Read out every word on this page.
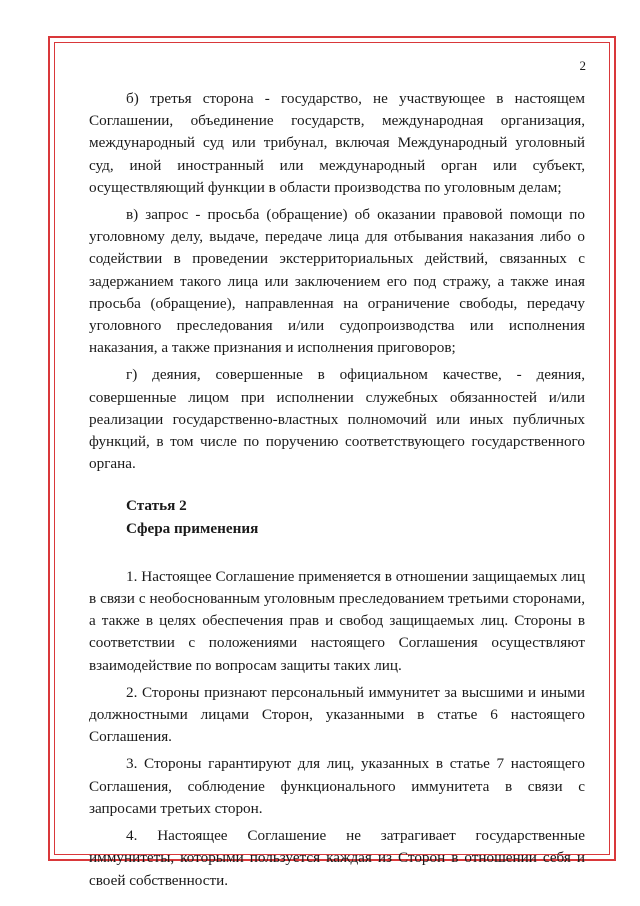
2

б) третья сторона - государство, не участвующее в настоящем Соглашении, объединение государств, международная организация, международный суд или трибунал, включая Международный уголовный суд, иной иностранный или международный орган или субъект, осуществляющий функции в области производства по уголовным делам;

в) запрос - просьба (обращение) об оказании правовой помощи по уголовному делу, выдаче, передаче лица для отбывания наказания либо о содействии в проведении экстерриториальных действий, связанных с задержанием такого лица или заключением его под стражу, а также иная просьба (обращение), направленная на ограничение свободы, передачу уголовного преследования и/или судопроизводства или исполнения наказания, а также признания и исполнения приговоров;

г) деяния, совершенные в официальном качестве, - деяния, совершенные лицом при исполнении служебных обязанностей и/или реализации государственно-властных полномочий или иных публичных функций, в том числе по поручению соответствующего государственного органа.

Статья 2

Сфера применения

1. Настоящее Соглашение применяется в отношении защищаемых лиц в связи с необоснованным уголовным преследованием третьими сторонами, а также в целях обеспечения прав и свобод защищаемых лиц. Стороны в соответствии с положениями настоящего Соглашения осуществляют взаимодействие по вопросам защиты таких лиц.

2. Стороны признают персональный иммунитет за высшими и иными должностными лицами Сторон, указанными в статье 6 настоящего Соглашения.

3. Стороны гарантируют для лиц, указанных в статье 7 настоящего Соглашения, соблюдение функционального иммунитета в связи с запросами третьих сторон.

4. Настоящее Соглашение не затрагивает государственные иммунитеты, которыми пользуется каждая из Сторон в отношении себя и своей собственности.
